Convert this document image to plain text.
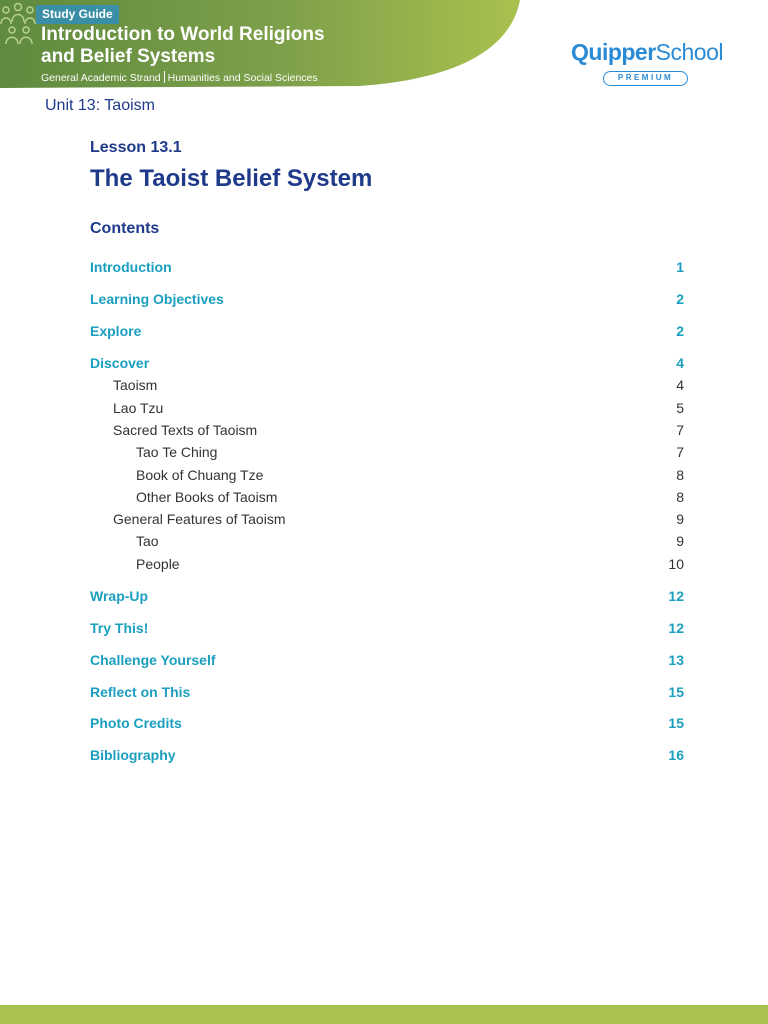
Study Guide
Introduction to World Religions and Belief Systems
General Academic Strand Humanities and Social Sciences
QuipperSchool
PREMIUM
Unit 13: Taoism
Lesson 13.1
The Taoist Belief System
Contents
Introduction	1
Learning Objectives	2
Explore	2
Discover	4
Taoism	4
Lao Tzu	5
Sacred Texts of Taoism	7
Tao Te Ching	7
Book of Chuang Tze	8
Other Books of Taoism	8
General Features of Taoism	9
Tao	9
People	10
Wrap-Up	12
Try This!	12
Challenge Yourself	13
Reflect on This	15
Photo Credits	15
Bibliography	16
